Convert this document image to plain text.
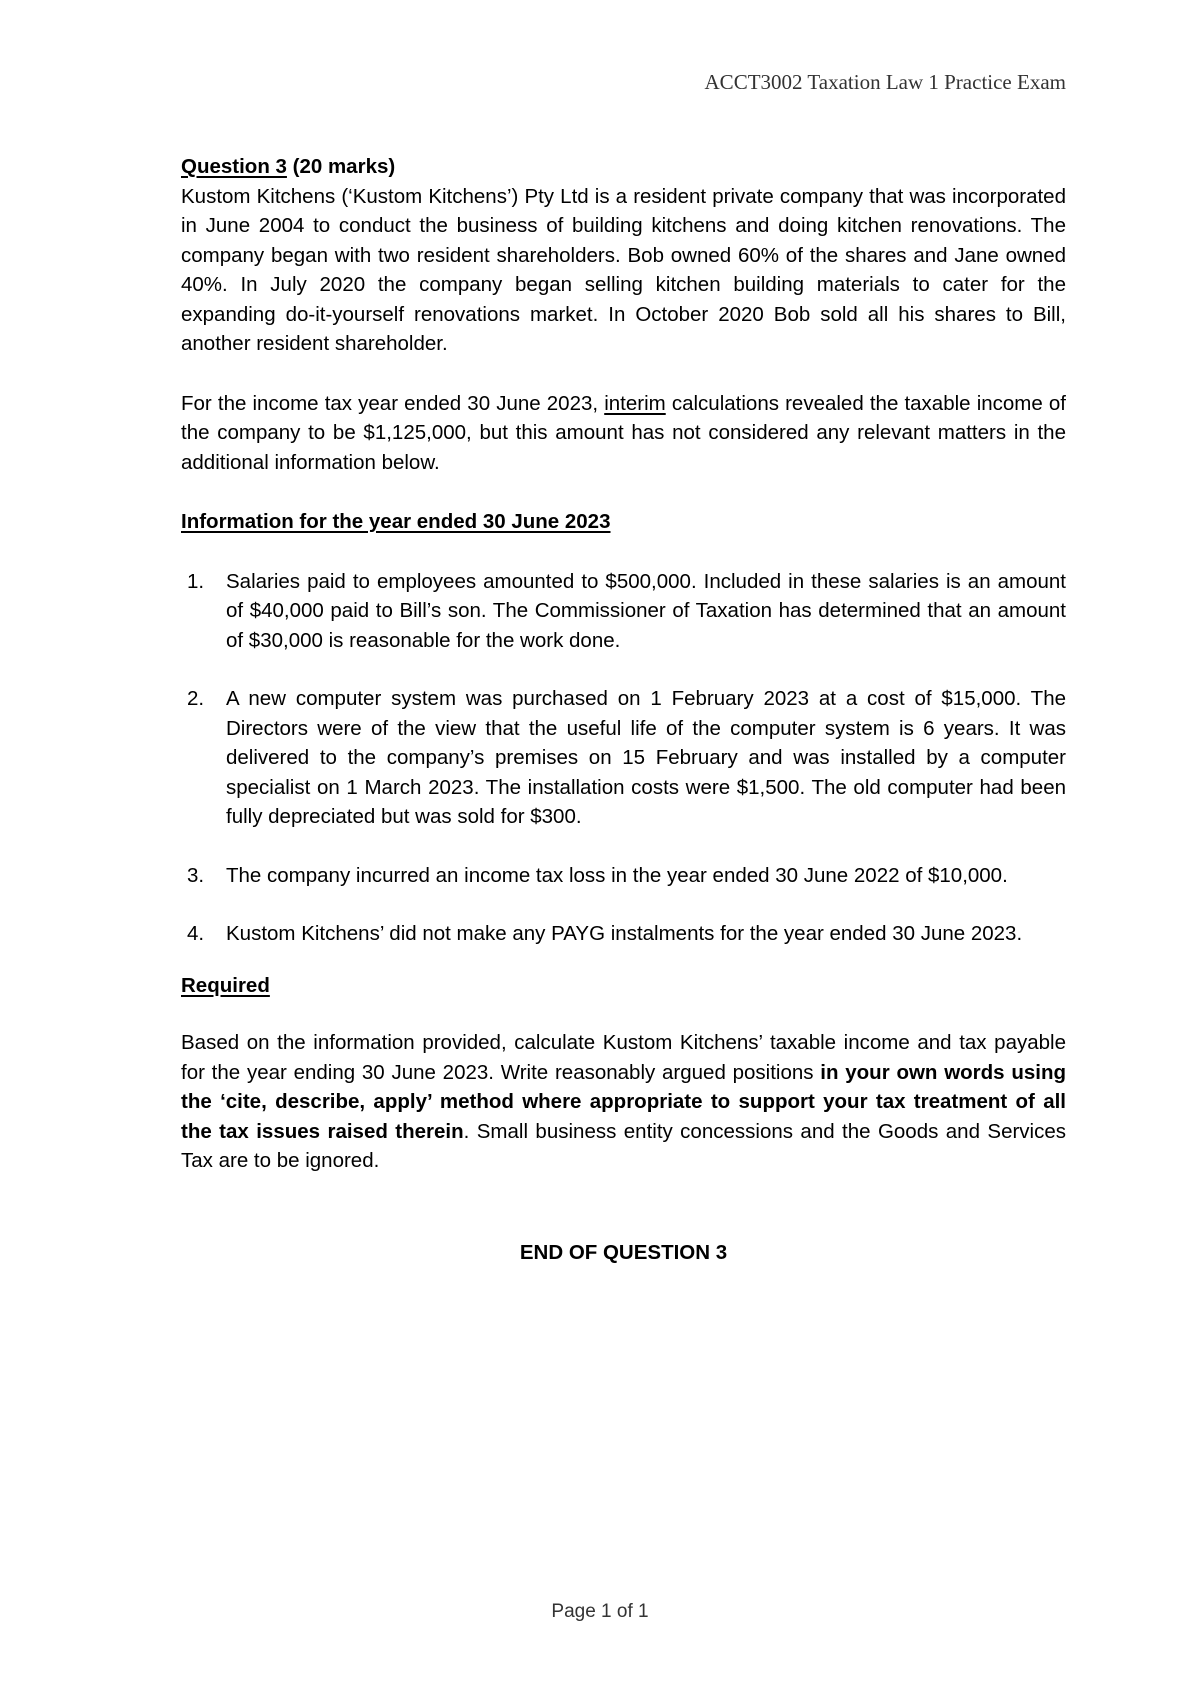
ACCT3002 Taxation Law 1 Practice Exam

Question 3 (20 marks)

Kustom Kitchens (‘Kustom Kitchens’) Pty Ltd is a resident private company that was incorporated in June 2004 to conduct the business of building kitchens and doing kitchen renovations. The company began with two resident shareholders. Bob owned 60% of the shares and Jane owned 40%. In July 2020 the company began selling kitchen building materials to cater for the expanding do-it-yourself renovations market. In October 2020 Bob sold all his shares to Bill, another resident shareholder.

For the income tax year ended 30 June 2023, interim calculations revealed the taxable income of the company to be $1,125,000, but this amount has not considered any relevant matters in the additional information below.

Information for the year ended 30 June 2023

1. Salaries paid to employees amounted to $500,000. Included in these salaries is an amount of $40,000 paid to Bill’s son. The Commissioner of Taxation has determined that an amount of $30,000 is reasonable for the work done.
2. A new computer system was purchased on 1 February 2023 at a cost of $15,000. The Directors were of the view that the useful life of the computer system is 6 years. It was delivered to the company’s premises on 15 February and was installed by a computer specialist on 1 March 2023. The installation costs were $1,500. The old computer had been fully depreciated but was sold for $300.
3. The company incurred an income tax loss in the year ended 30 June 2022 of $10,000.
4. Kustom Kitchens’ did not make any PAYG instalments for the year ended 30 June 2023.

Required

Based on the information provided, calculate Kustom Kitchens’ taxable income and tax payable for the year ending 30 June 2023. Write reasonably argued positions in your own words using the ‘cite, describe, apply’ method where appropriate to support your tax treatment of all the tax issues raised therein. Small business entity concessions and the Goods and Services Tax are to be ignored.

END OF QUESTION 3

Page 1 of 1
